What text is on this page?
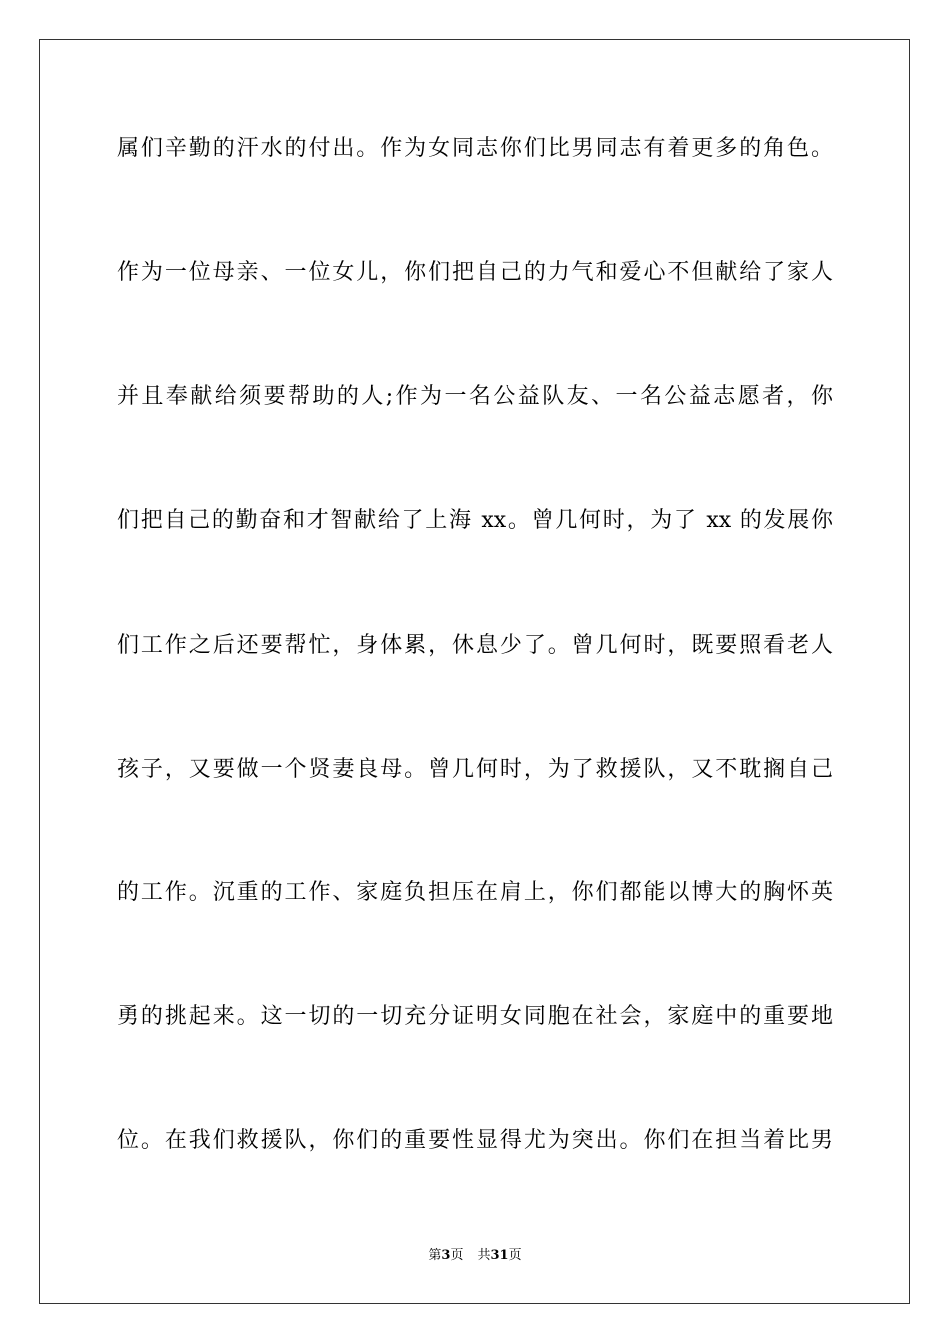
属们辛勤的汗水的付出。作为女同志你们比男同志有着更多的角色。
作为一位母亲、一位女儿，你们把自己的力气和爱心不但献给了家人
并且奉献给须要帮助的人;作为一名公益队友、一名公益志愿者，你
们把自己的勤奋和才智献给了上海 xx。曾几何时，为了 xx 的发展你
们工作之后还要帮忙，身体累，休息少了。曾几何时，既要照看老人
孩子，又要做一个贤妻良母。曾几何时，为了救援队，又不耽搁自己
的工作。沉重的工作、家庭负担压在肩上，你们都能以博大的胸怀英
勇的挑起来。这一切的一切充分证明女同胞在社会，家庭中的重要地
位。在我们救援队，你们的重要性显得尤为突出。你们在担当着比男
第3页 共31页
